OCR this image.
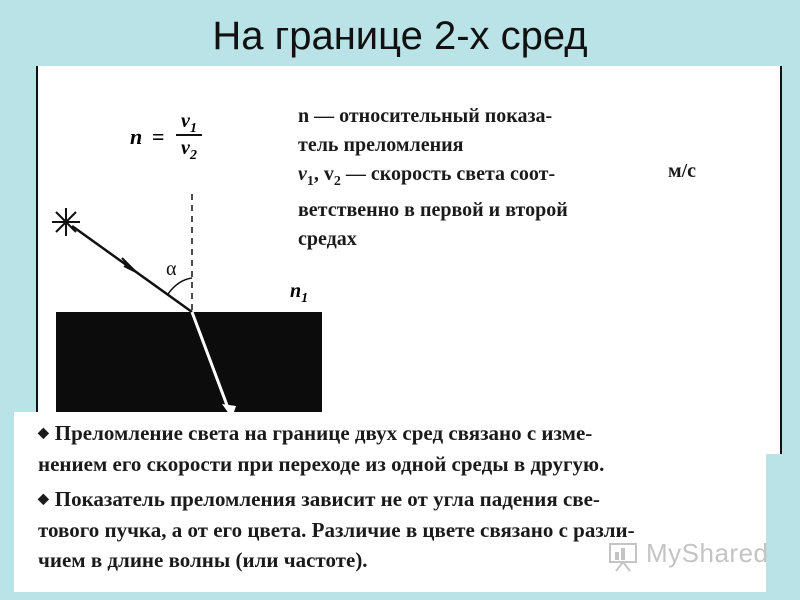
На границе 2-х сред
n =
$v_1$
$v_2$
n — относительный показа-
тель преломления
$v_1$, $v_2$ — скорость света соот-
ветственно в первой и второй
средах
м/с
α
$n_1$
◆ Преломление света на границе двух сред связано с изме-
нением его скорости при переходе из одной среды в другую.
◆ Показатель преломления зависит не от угла падения све-
тового пучка, а от его цвета. Различие в цвете связано с разли-
чием в длине волны (или частоте).	MyShared
